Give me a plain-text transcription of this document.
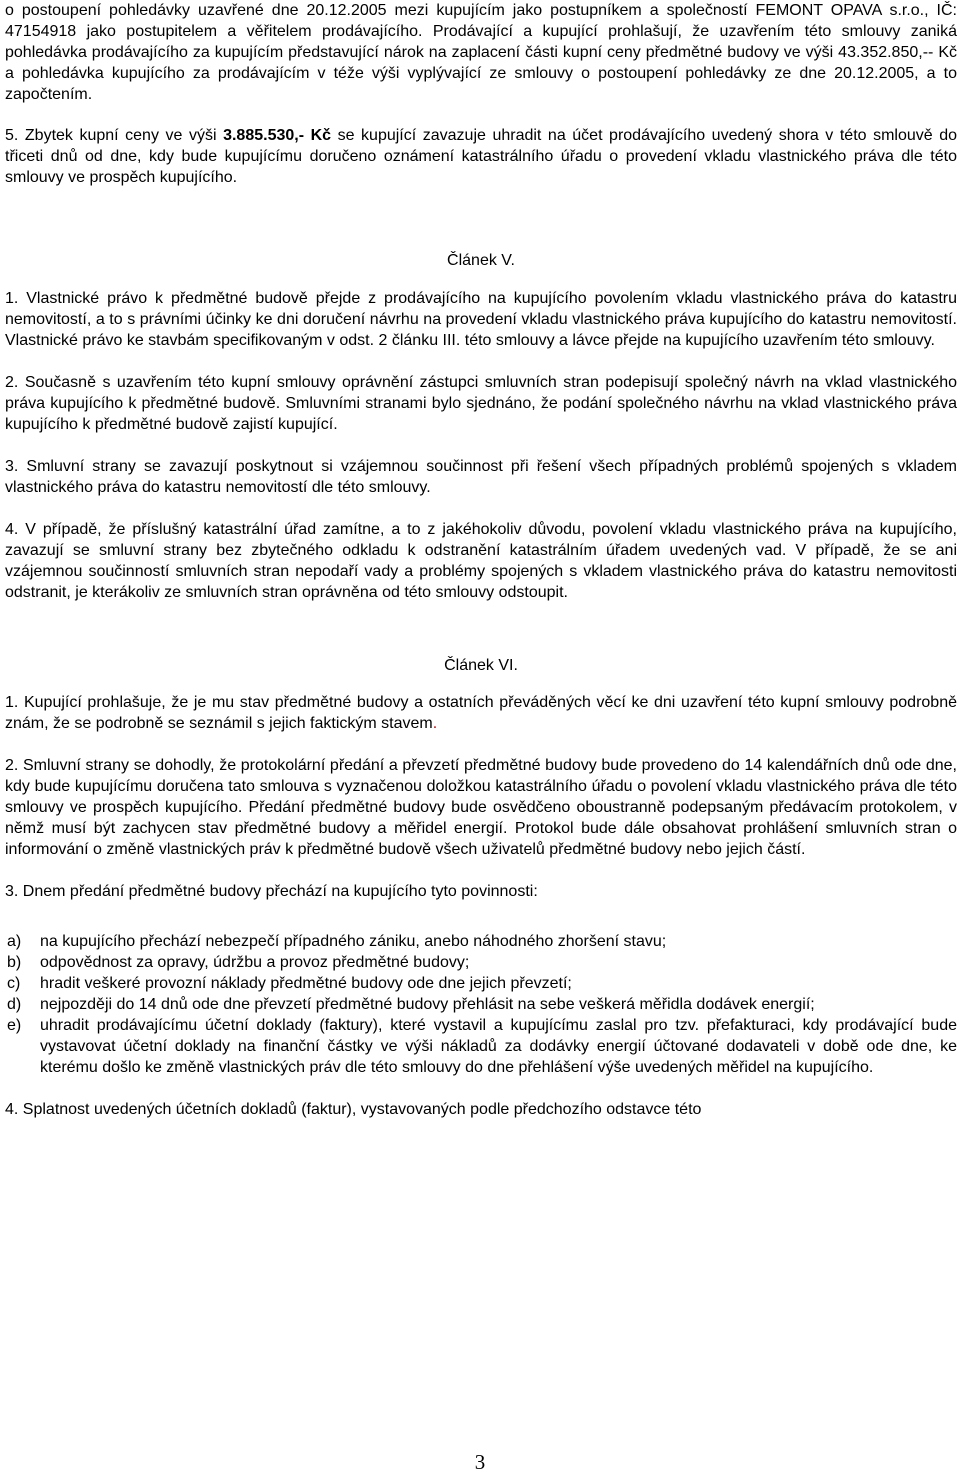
o postoupení pohledávky uzavřené dne 20.12.2005 mezi kupujícím jako postupníkem a společností FEMONT OPAVA s.r.o., IČ: 47154918 jako postupitelem a věřitelem prodávajícího. Prodávající a kupující prohlašují, že uzavřením této smlouvy zaniká pohledávka prodávajícího za kupujícím představující nárok na zaplacení části kupní ceny předmětné budovy ve výši 43.352.850,-- Kč a pohledávka kupujícího za prodávajícím v téže výši vyplývající ze smlouvy o postoupení pohledávky ze dne 20.12.2005, a to započtením.

5. Zbytek kupní ceny ve výši 3.885.530,- Kč se kupující zavazuje uhradit na účet prodávajícího uvedený shora v této smlouvě do třiceti dnů od dne, kdy bude kupujícímu doručeno oznámení katastrálního úřadu o provedení vkladu vlastnického práva dle této smlouvy ve prospěch kupujícího.

Článek V.

1. Vlastnické právo k předmětné budově přejde z prodávajícího na kupujícího povolením vkladu vlastnického práva do katastru nemovitostí, a to s právními účinky ke dni doručení návrhu na provedení vkladu vlastnického práva kupujícího do katastru nemovitostí. Vlastnické právo ke stavbám specifikovaným v odst. 2 článku III. této smlouvy a lávce přejde na kupujícího uzavřením této smlouvy.

2. Současně s uzavřením této kupní smlouvy oprávnění zástupci smluvních stran podepisují společný návrh na vklad vlastnického práva kupujícího k předmětné budově. Smluvními stranami bylo sjednáno, že podání společného návrhu na vklad vlastnického práva kupujícího k předmětné budově zajistí kupující.

3. Smluvní strany se zavazují poskytnout si vzájemnou součinnost při řešení všech případných problémů spojených s vkladem vlastnického práva do katastru nemovitostí dle této smlouvy.

4. V případě, že příslušný katastrální úřad zamítne, a to z jakéhokoliv důvodu, povolení vkladu vlastnického práva na kupujícího, zavazují se smluvní strany bez zbytečného odkladu k odstranění katastrálním úřadem uvedených vad. V případě, že se ani vzájemnou součinností smluvních stran nepodaří vady a problémy spojených s vkladem vlastnického práva do katastru nemovitosti odstranit, je kterákoliv ze smluvních stran oprávněna od této smlouvy odstoupit.

Článek VI.

1. Kupující prohlašuje, že je mu stav předmětné budovy a ostatních převáděných věcí ke dni uzavření této kupní smlouvy podrobně znám, že se podrobně se seznámil s jejich faktickým stavem.

2. Smluvní strany se dohodly, že protokolární předání a převzetí předmětné budovy bude provedeno do 14 kalendářních dnů ode dne, kdy bude kupujícímu doručena tato smlouva s vyznačenou doložkou katastrálního úřadu o povolení vkladu vlastnického práva dle této smlouvy ve prospěch kupujícího. Předání předmětné budovy bude osvědčeno oboustranně podepsaným předávacím protokolem, v němž musí být zachycen stav předmětné budovy a měřidel energií. Protokol bude dále obsahovat prohlášení smluvních stran o informování o změně vlastnických práv k předmětné budově všech uživatelů předmětné budovy nebo jejich částí.

3. Dnem předání předmětné budovy přechází na kupujícího tyto povinnosti:

a)	na kupujícího přechází nebezpečí případného zániku, anebo náhodného zhoršení stavu;
b)	odpovědnost za opravy, údržbu a provoz předmětné budovy;
c)	hradit veškeré provozní náklady předmětné budovy ode dne jejich převzetí;
d)	nejpozději do 14 dnů ode dne převzetí předmětné budovy přehlásit na sebe veškerá měřidla dodávek energií;
e)	uhradit prodávajícímu účetní doklady (faktury), které vystavil a kupujícímu zaslal pro tzv. přefakturaci, kdy prodávající bude vystavovat účetní doklady na finanční částky ve výši nákladů za dodávky energií účtované dodavateli v době ode dne, ke kterému došlo ke změně vlastnických práv dle této smlouvy do dne přehlášení výše uvedených měřidel na kupujícího.

4. Splatnost uvedených účetních dokladů (faktur), vystavovaných podle předchozího odstavce této

3
